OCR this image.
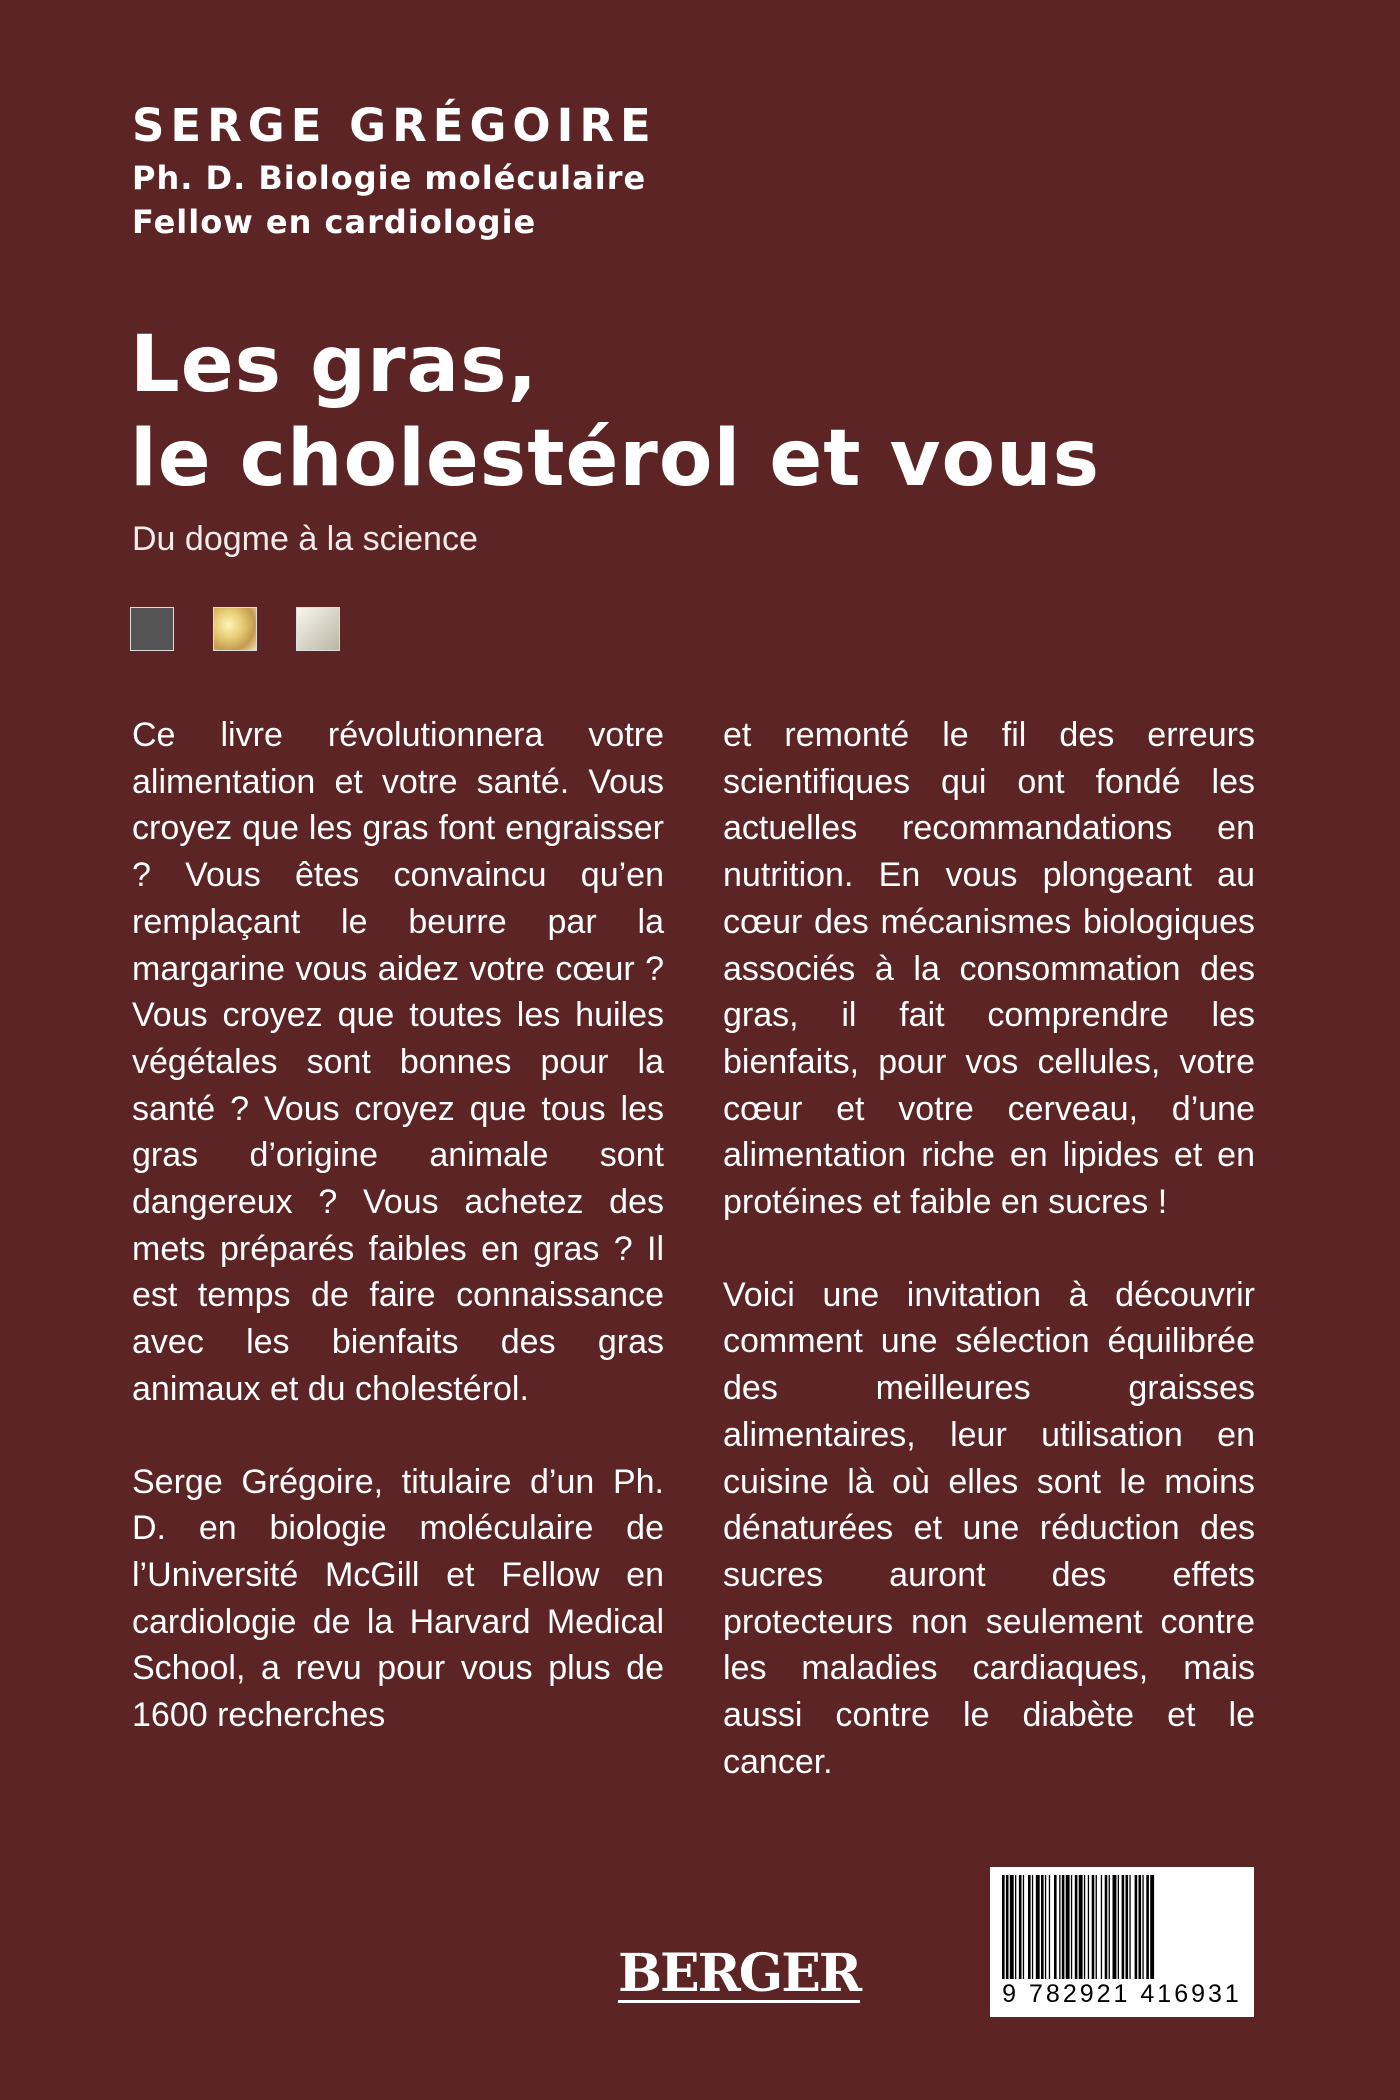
SERGE GRÉGOIRE

Ph. D. Biologie moléculaire

Fellow en cardiologie

Les gras,

le cholestérol et vous

Du dogme à la science

Ce livre révolutionnera votre alimentation et votre santé. Vous croyez que les gras font engraisser ? Vous êtes convaincu qu’en remplaçant le beurre par la margarine vous aidez votre cœur ? Vous croyez que toutes les huiles végétales sont bonnes pour la santé ? Vous croyez que tous les gras d’origine animale sont dangereux ? Vous achetez des mets préparés faibles en gras ? Il est temps de faire connaissance avec les bienfaits des gras animaux et du cholestérol.

Serge Grégoire, titulaire d’un Ph. D. en biologie moléculaire de l’Université McGill et Fellow en cardiologie de la Harvard Medical School, a revu pour vous plus de 1600 recherches

et remonté le fil des erreurs scientifiques qui ont fondé les actuelles recommandations en nutrition. En vous plongeant au cœur des mécanismes biologiques associés à la consommation des gras, il fait comprendre les bienfaits, pour vos cellules, votre cœur et votre cerveau, d’une alimentation riche en lipides et en protéines et faible en sucres !

Voici une invitation à découvrir comment une sélection équilibrée des meilleures graisses alimentaires, leur utilisation en cuisine là où elles sont le moins dénaturées et une réduction des sucres auront des effets protecteurs non seulement contre les maladies cardiaques, mais aussi contre le diabète et le cancer.

BERGER	9 782921 416931
